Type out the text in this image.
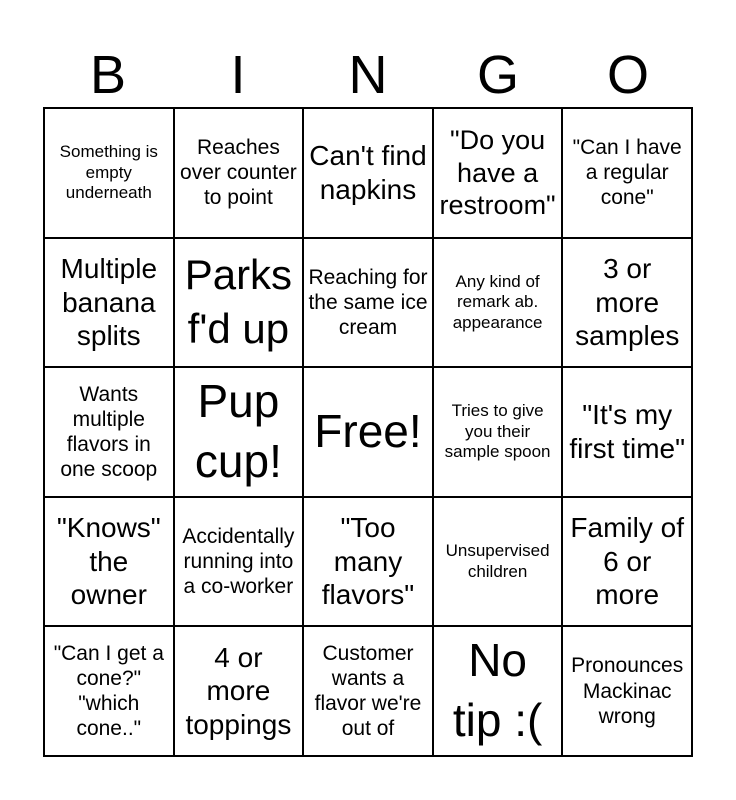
B	I	N	G	O
Something is empty underneath
Reaches over counter to point
Can't find napkins
"Do you have a restroom"
"Can I have a regular cone"
Multiple banana splits
Parks f'd up
Reaching for the same ice cream
Any kind of remark ab. appearance
3 or more samples
Wants multiple flavors in one scoop
Pup cup!
Free!	Tries to give you their sample spoon
"It's my first time"
"Knows" the owner
Accidentally running into a co-worker
"Too many flavors"
Unsupervised children
Family of 6 or more
"Can I get a cone?" "which cone.."
4 or more toppings
Customer wants a flavor we're out of
No tip :(
Pronounces Mackinac wrong
